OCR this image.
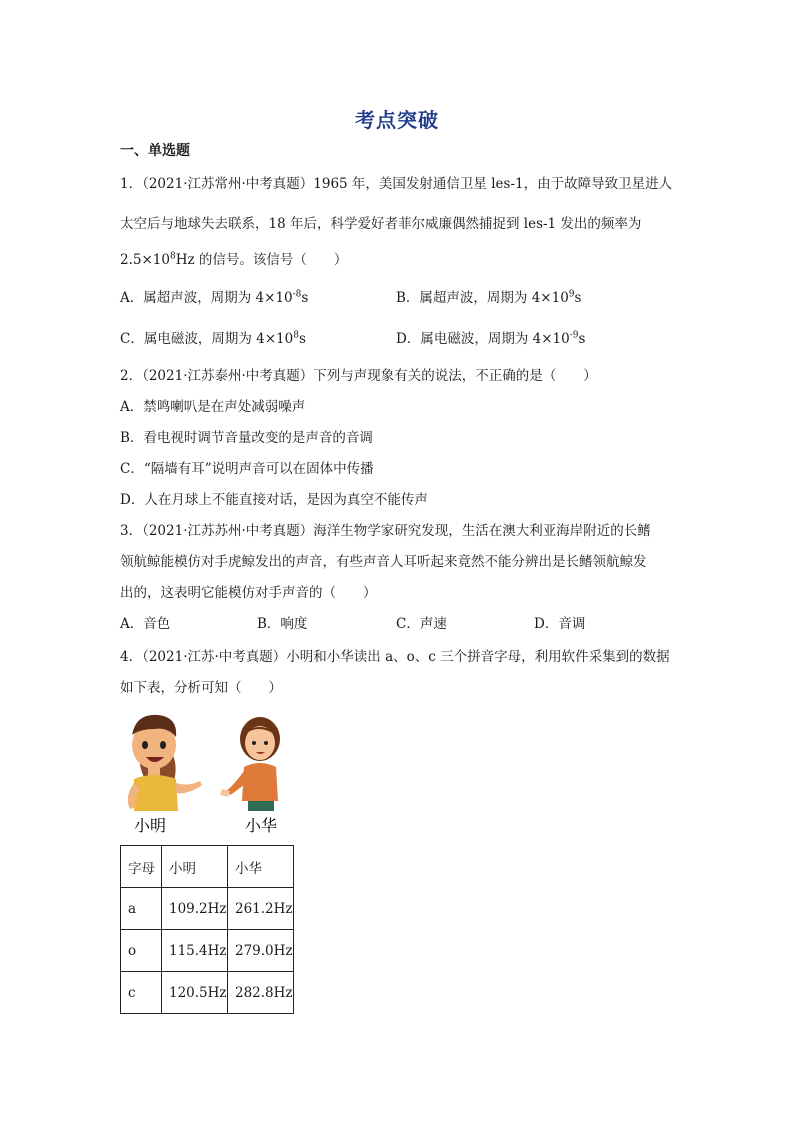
考点突破
一、单选题
1．（2021·江苏常州·中考真题）1965 年，美国发射通信卫星 les-1，由于故障导致卫星进人
太空后与地球失去联系，18 年后，科学爱好者菲尔威廉偶然捕捉到 les-1 发出的频率为
$2.5\times 10^8Hz$ 的信号。该信号（　　）
A．属超声波，周期为 $4\times 10^{-8}s$	B．属超声波，周期为 $4\times 10^9s$
C．属电磁波，周期为 $4\times 10^8s$	D．属电磁波，周期为 $4\times 10^{-9}s$
2．（2021·江苏泰州·中考真题）下列与声现象有关的说法，不正确的是（　　）
A．禁鸣喇叭是在声处减弱噪声
B．看电视时调节音量改变的是声音的音调
C．“隔墙有耳”说明声音可以在固体中传播
D．人在月球上不能直接对话，是因为真空不能传声
3．（2021·江苏苏州·中考真题）海洋生物学家研究发现，生活在澳大利亚海岸附近的长鳍
领航鲸能模仿对手虎鲸发出的声音，有些声音人耳听起来竟然不能分辨出是长鳍领航鲸发
出的，这表明它能模仿对手声音的（　　）
A．音色	B．响度	C．声速	D．音调
4．（2021·江苏·中考真题）小明和小华读出 a、o、c 三个拼音字母，利用软件采集到的数据
如下表，分析可知（　　）
小明	小华
字母	小明	小华
a	109.2Hz	261.2Hz
o	115.4Hz	279.0Hz
c	120.5Hz	282.8Hz
